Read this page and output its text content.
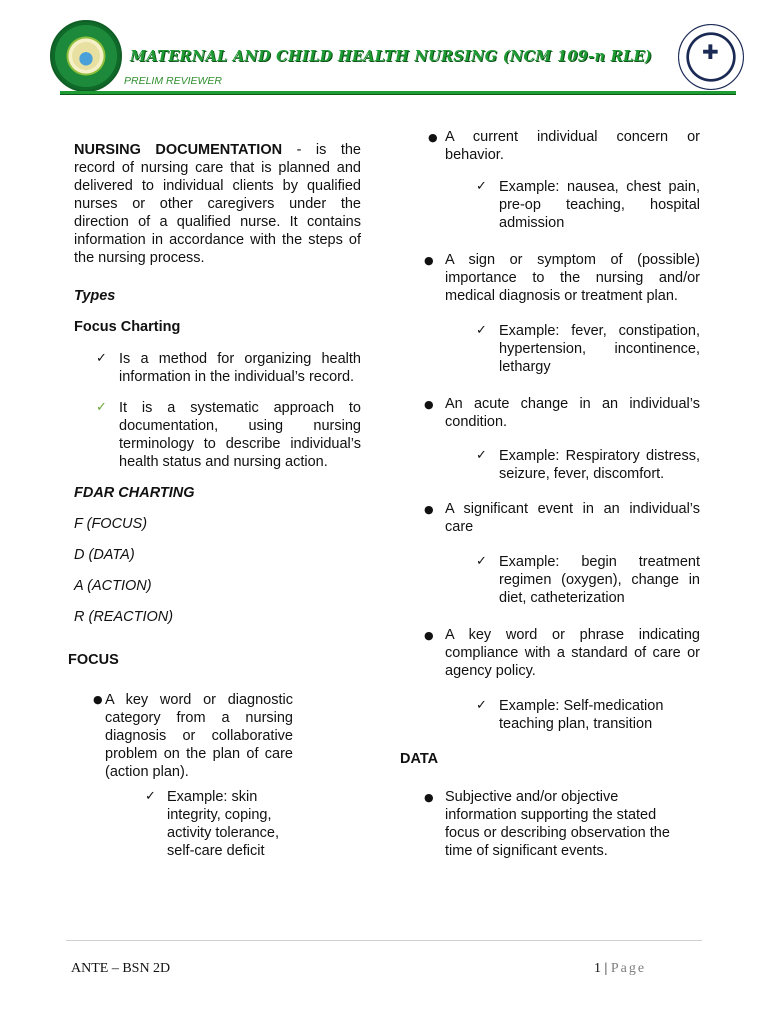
MATERNAL AND CHILD HEALTH NURSING (NCM 109-n RLE)
PRELIM REVIEWER
✚
NURSING DOCUMENTATION - is the record of nursing care that is planned and delivered to individual clients by qualified nurses or other caregivers under the direction of a qualified nurse. It contains information in accordance with the steps of the nursing process.
Types
Focus Charting
✓ Is a method for organizing health information in the individual’s record.
✓ It is a systematic approach to documentation, using nursing terminology to describe individual’s health status and nursing action.
FDAR CHARTING
F (FOCUS)
D (DATA)
A (ACTION)
R (REACTION)
FOCUS
● A key word or diagnostic category from a nursing diagnosis or collaborative problem on the plan of care (action plan).
✓ Example: skin integrity, coping, activity tolerance, self-care deficit
● A current individual concern or behavior.
✓ Example: nausea, chest pain, pre-op teaching, hospital admission
● A sign or symptom of (possible) importance to the nursing and/or medical diagnosis or treatment plan.
✓ Example: fever, constipation, hypertension, incontinence, lethargy
● An acute change in an individual’s condition.
✓ Example: Respiratory distress, seizure, fever, discomfort.
● A significant event in an individual’s care
✓ Example: begin treatment regimen (oxygen), change in diet, catheterization
● A key word or phrase indicating compliance with a standard of care or agency policy.
✓ Example: Self-medication teaching plan, transition
DATA
● Subjective and/or objective information supporting the stated focus or describing observation the time of significant events.
ANTE – BSN 2D	1 | Page
